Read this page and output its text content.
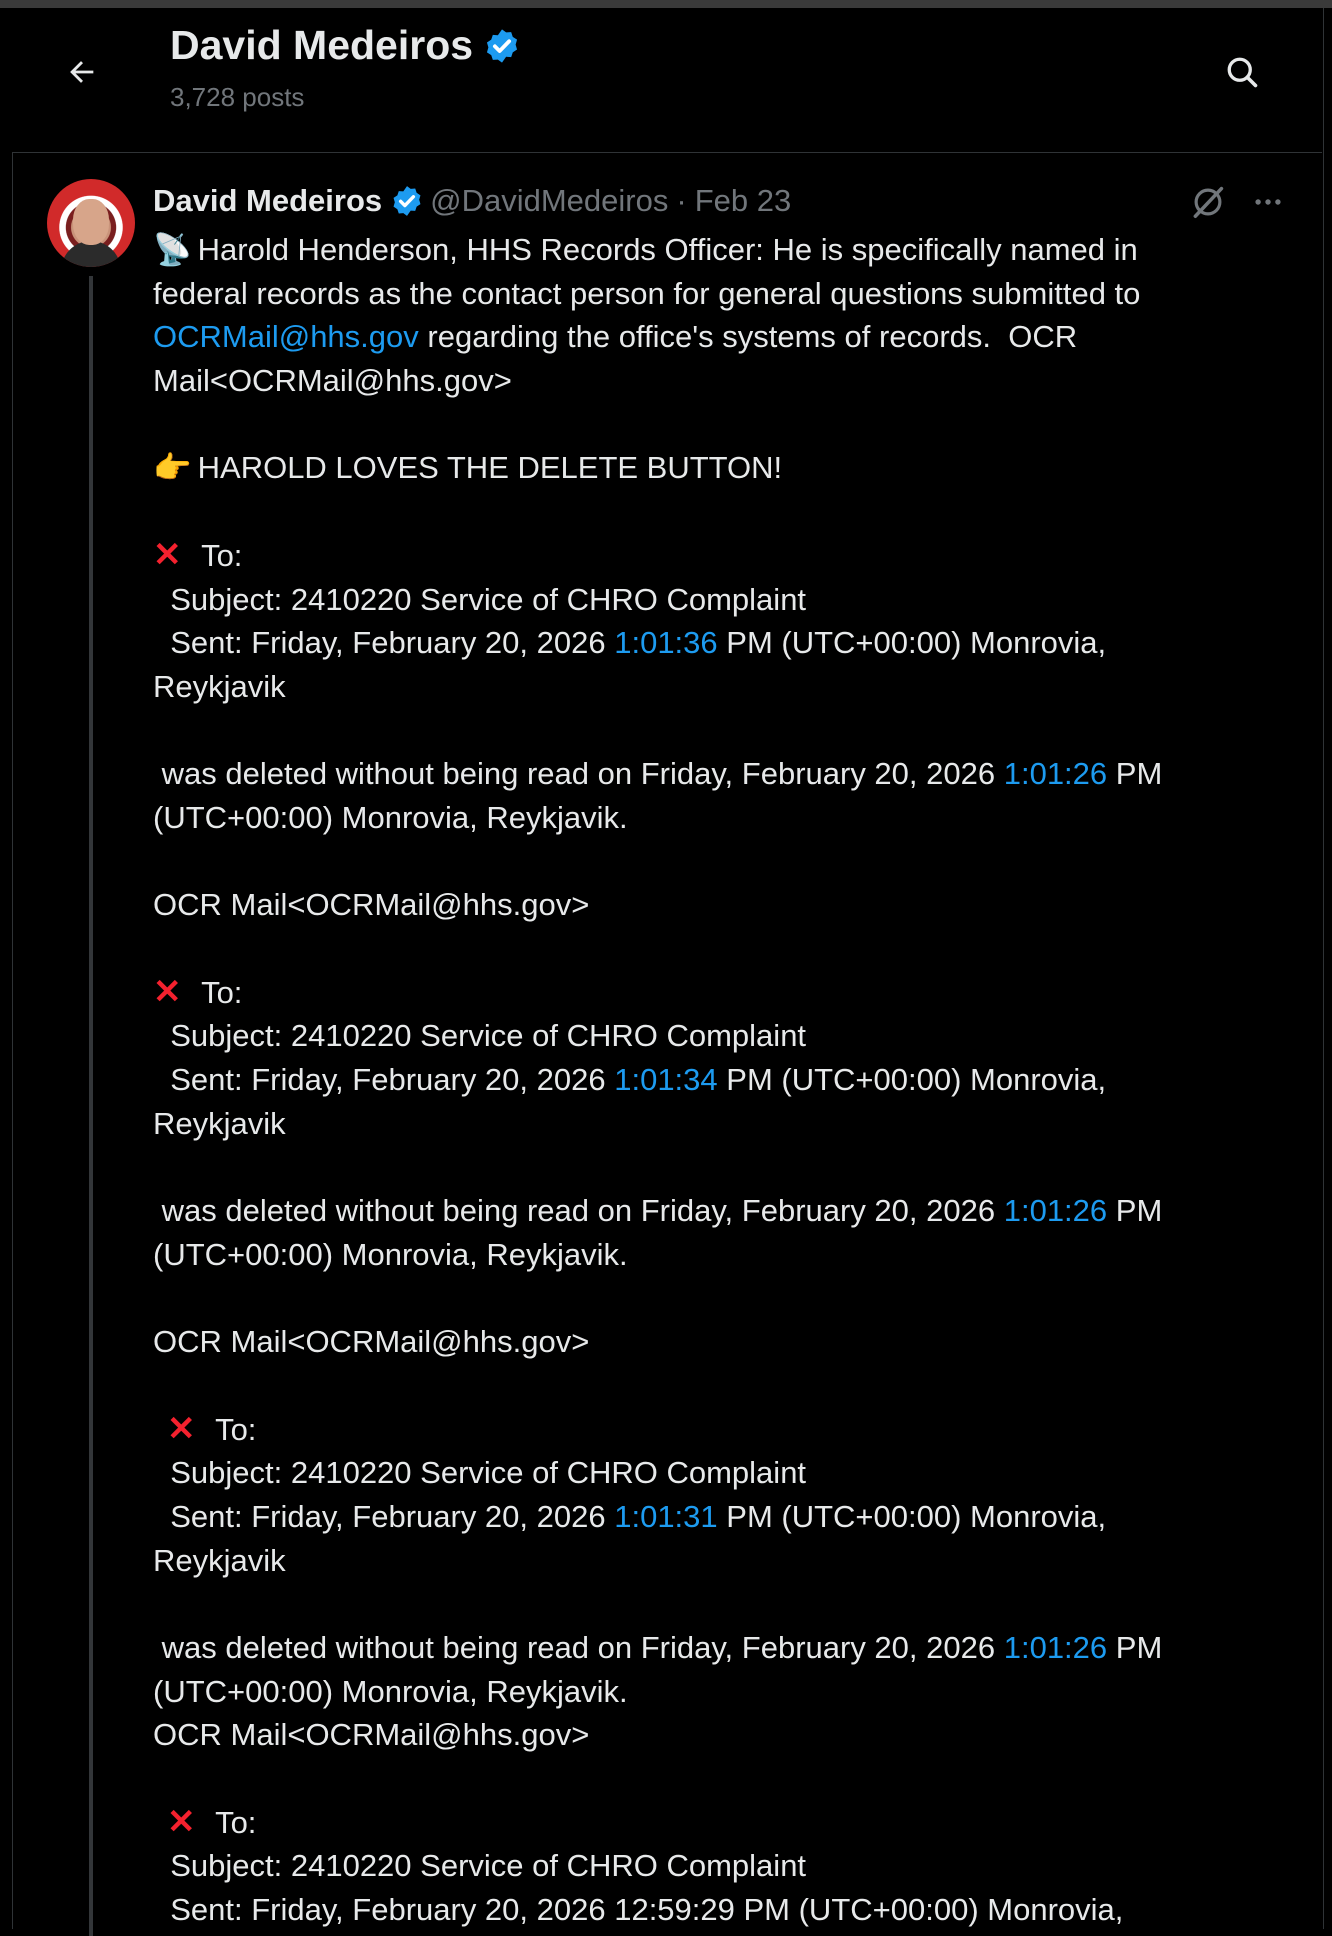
David Medeiros
3,728 posts
David Medeiros @DavidMedeiros · Feb 23
📡 Harold Henderson, HHS Records Officer: He is specifically named in
federal records as the contact person for general questions submitted to
OCRMail@hhs.gov regarding the office's systems of records.  OCR
Mail<OCRMail@hhs.gov>
👉 HAROLD LOVES THE DELETE BUTTON!
✕ To:
Subject: 2410220 Service of CHRO Complaint
Sent: Friday, February 20, 2026 1:01:36 PM (UTC+00:00) Monrovia,
Reykjavik
was deleted without being read on Friday, February 20, 2026 1:01:26 PM
(UTC+00:00) Monrovia, Reykjavik.
OCR Mail<OCRMail@hhs.gov>
✕ To:
Subject: 2410220 Service of CHRO Complaint
Sent: Friday, February 20, 2026 1:01:34 PM (UTC+00:00) Monrovia,
Reykjavik
was deleted without being read on Friday, February 20, 2026 1:01:26 PM
(UTC+00:00) Monrovia, Reykjavik.
OCR Mail<OCRMail@hhs.gov>
✕ To:
Subject: 2410220 Service of CHRO Complaint
Sent: Friday, February 20, 2026 1:01:31 PM (UTC+00:00) Monrovia,
Reykjavik
was deleted without being read on Friday, February 20, 2026 1:01:26 PM
(UTC+00:00) Monrovia, Reykjavik.
OCR Mail<OCRMail@hhs.gov>
✕ To:
Subject: 2410220 Service of CHRO Complaint
Sent: Friday, February 20, 2026 12:59:29 PM (UTC+00:00) Monrovia,
